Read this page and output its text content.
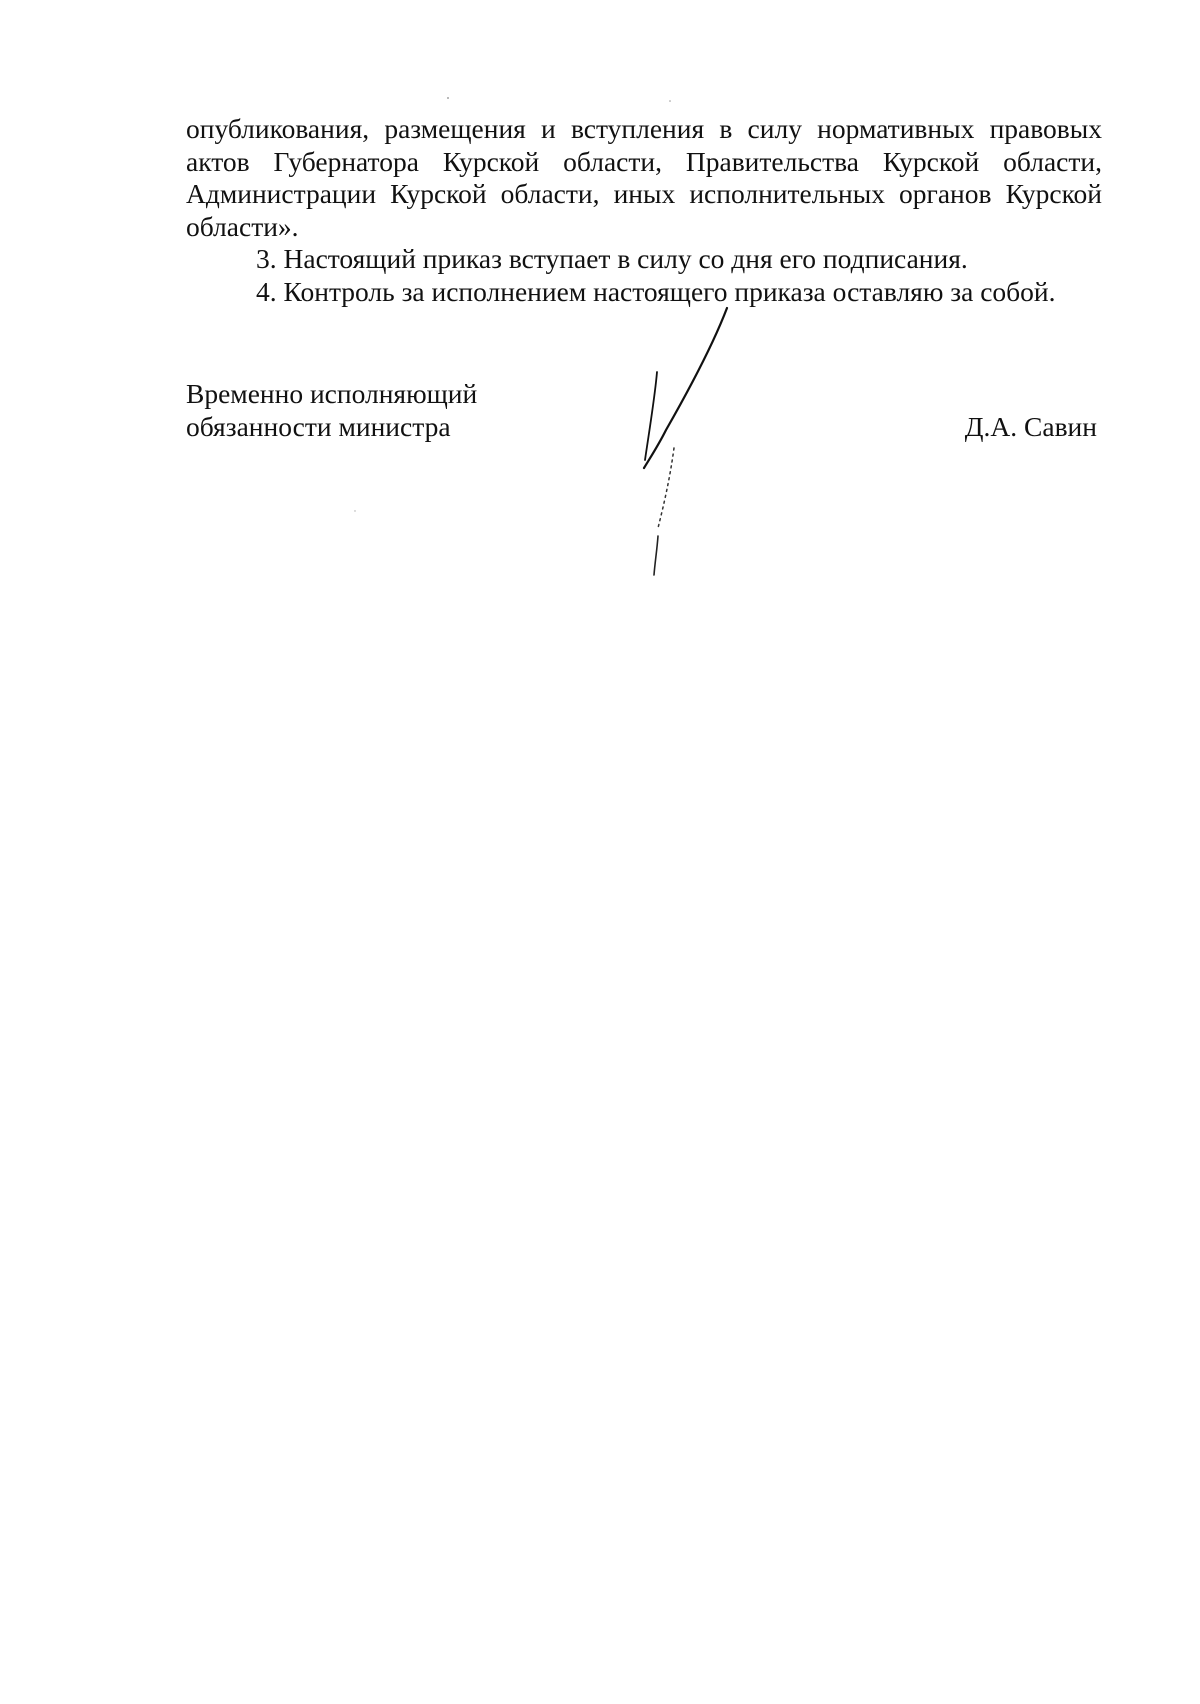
опубликования, размещения и вступления в силу нормативных правовых актов Губернатора Курской области, Правительства Курской области, Администрации Курской области, иных исполнительных органов Курской области».

3. Настоящий приказ вступает в силу со дня его подписания.

4. Контроль за исполнением настоящего приказа оставляю за собой.

Временно исполняющий
обязанности министра	Д.А. Савин
